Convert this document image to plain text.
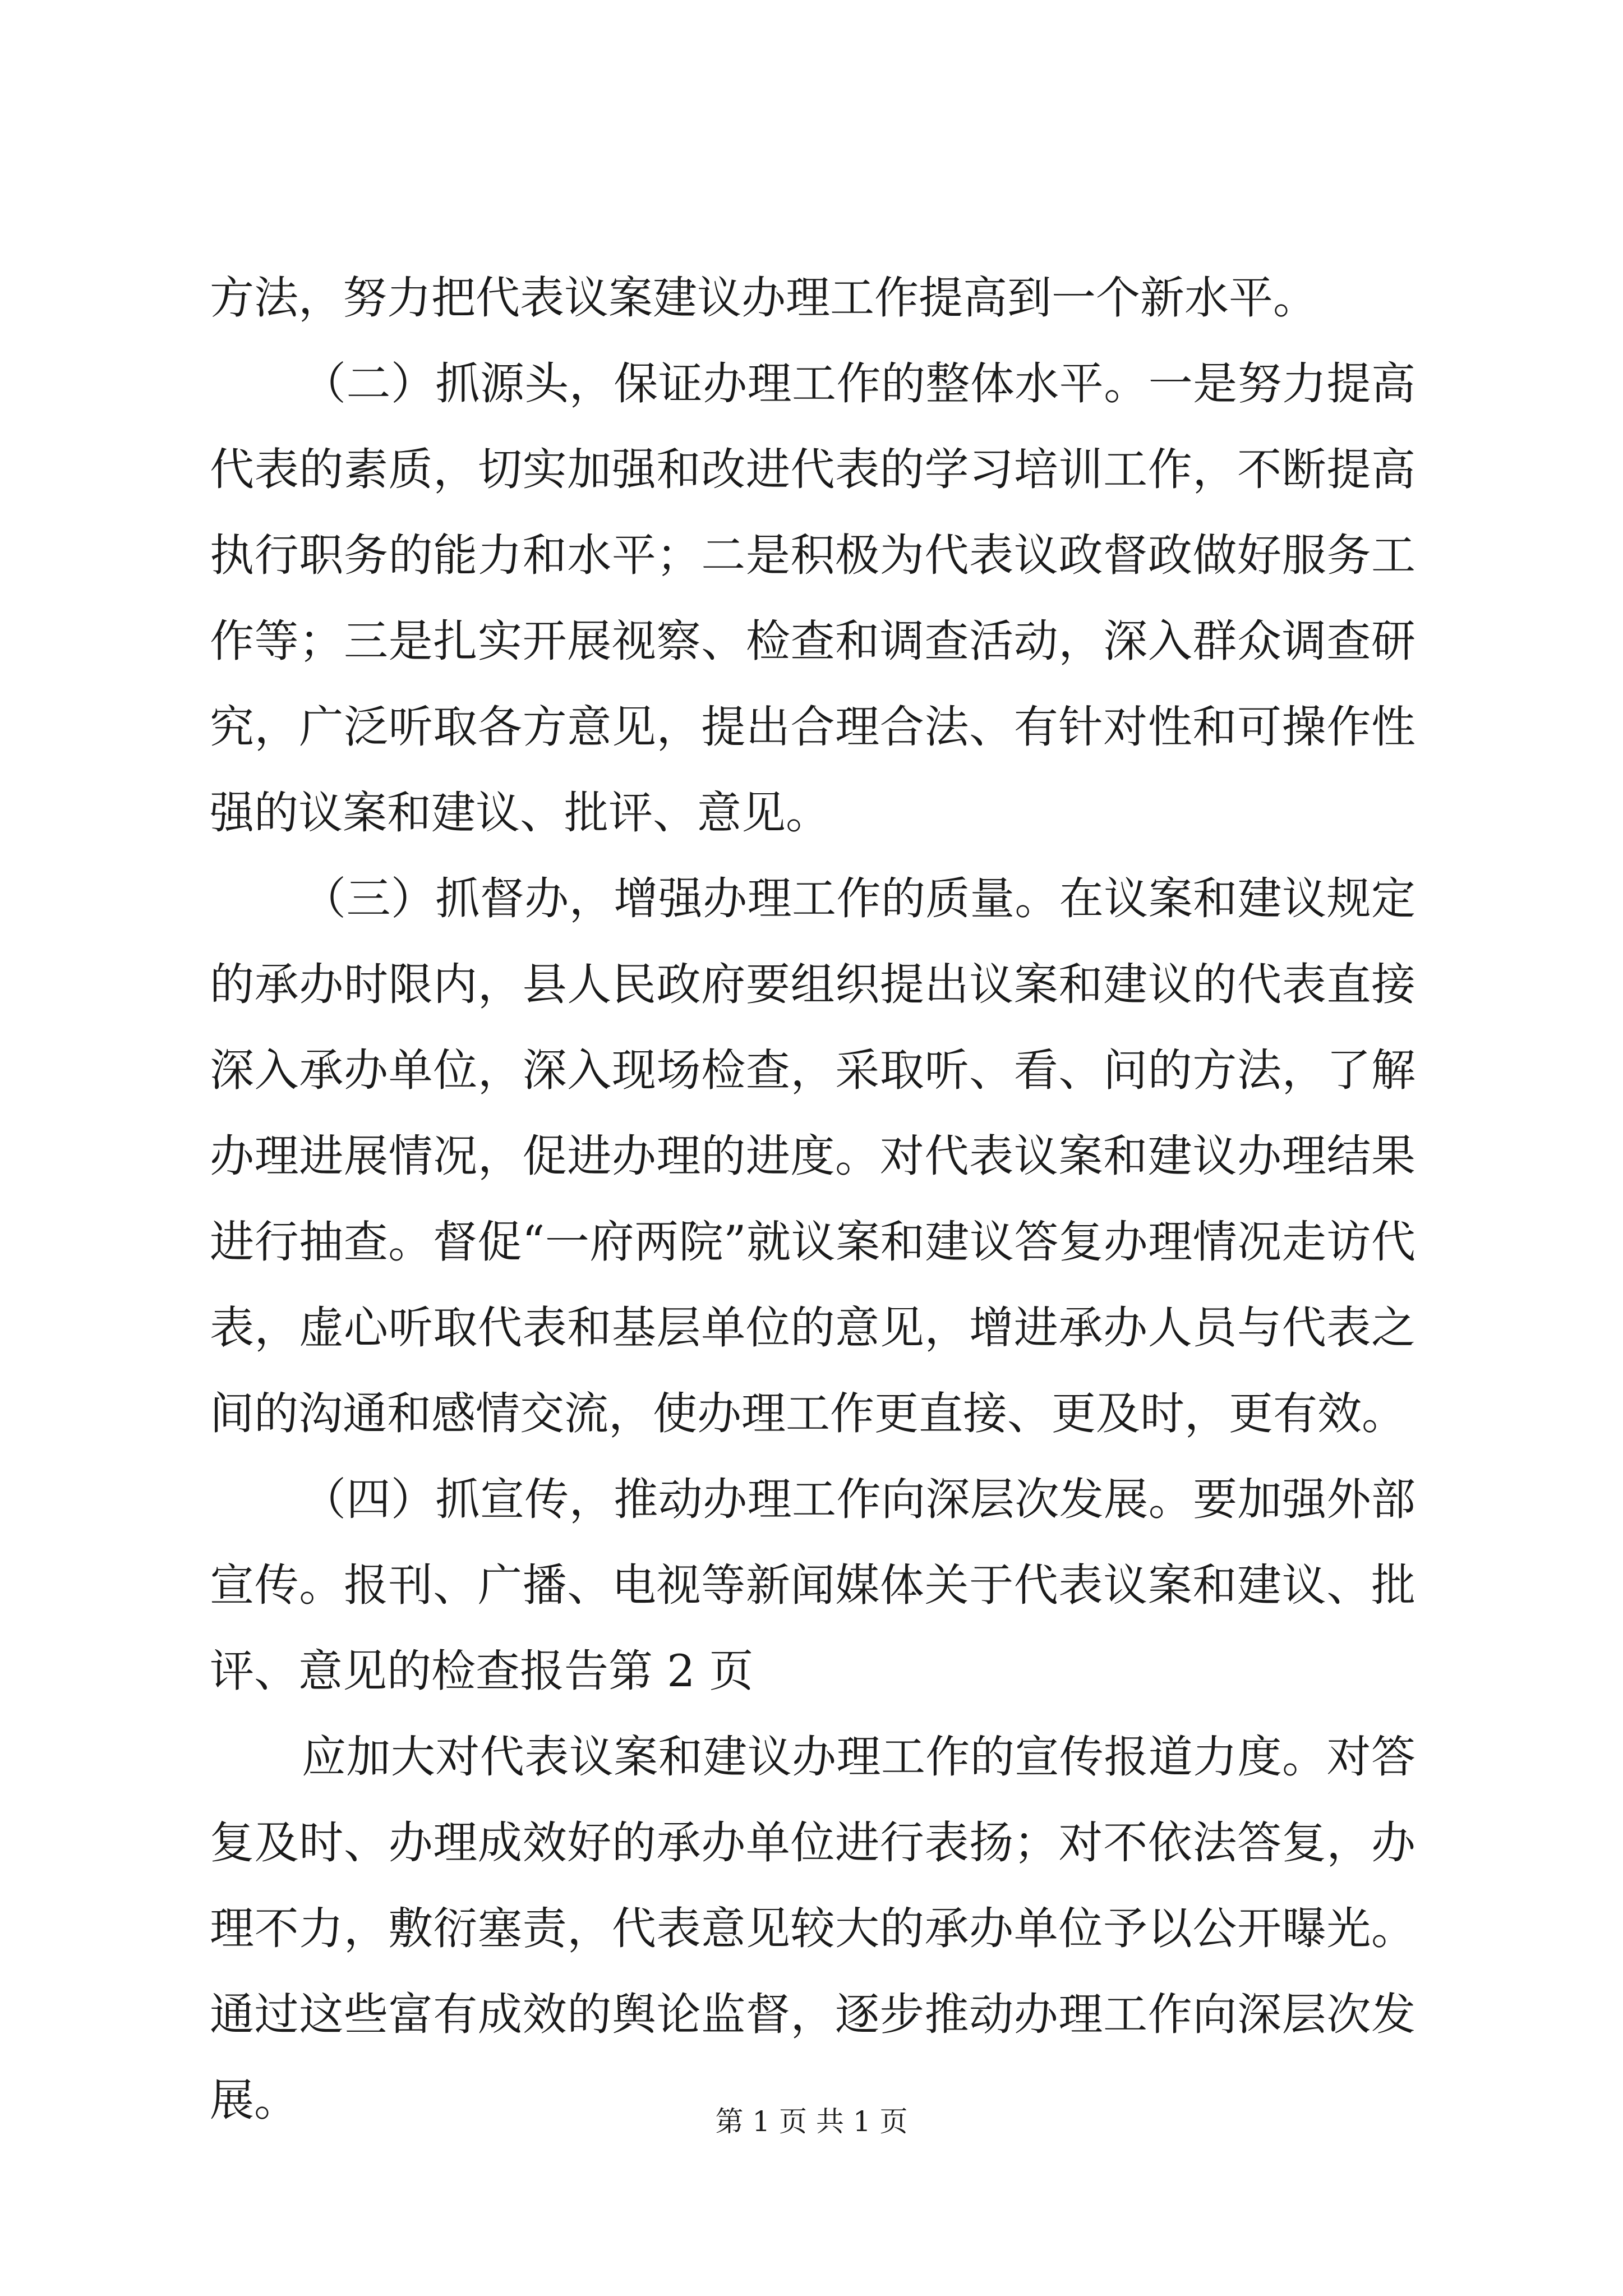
方法，努力把代表议案建议办理工作提高到一个新水平。

（二）抓源头，保证办理工作的整体水平。一是努力提高代表的素质，切实加强和改进代表的学习培训工作，不断提高执行职务的能力和水平；二是积极为代表议政督政做好服务工作等；三是扎实开展视察、检查和调查活动，深入群众调查研究，广泛听取各方意见，提出合理合法、有针对性和可操作性强的议案和建议、批评、意见。

（三）抓督办，增强办理工作的质量。在议案和建议规定的承办时限内，县人民政府要组织提出议案和建议的代表直接深入承办单位，深入现场检查，采取听、看、问的方法，了解办理进展情况，促进办理的进度。对代表议案和建议办理结果进行抽查。督促“一府两院”就议案和建议答复办理情况走访代表，虚心听取代表和基层单位的意见，增进承办人员与代表之间的沟通和感情交流，使办理工作更直接、更及时，更有效。

（四）抓宣传，推动办理工作向深层次发展。要加强外部宣传。报刊、广播、电视等新闻媒体关于代表议案和建议、批评、意见的检查报告第 2 页

应加大对代表议案和建议办理工作的宣传报道力度。对答复及时、办理成效好的承办单位进行表扬；对不依法答复，办理不力，敷衍塞责，代表意见较大的承办单位予以公开曝光。通过这些富有成效的舆论监督，逐步推动办理工作向深层次发展。	第 1 页 共 1 页
